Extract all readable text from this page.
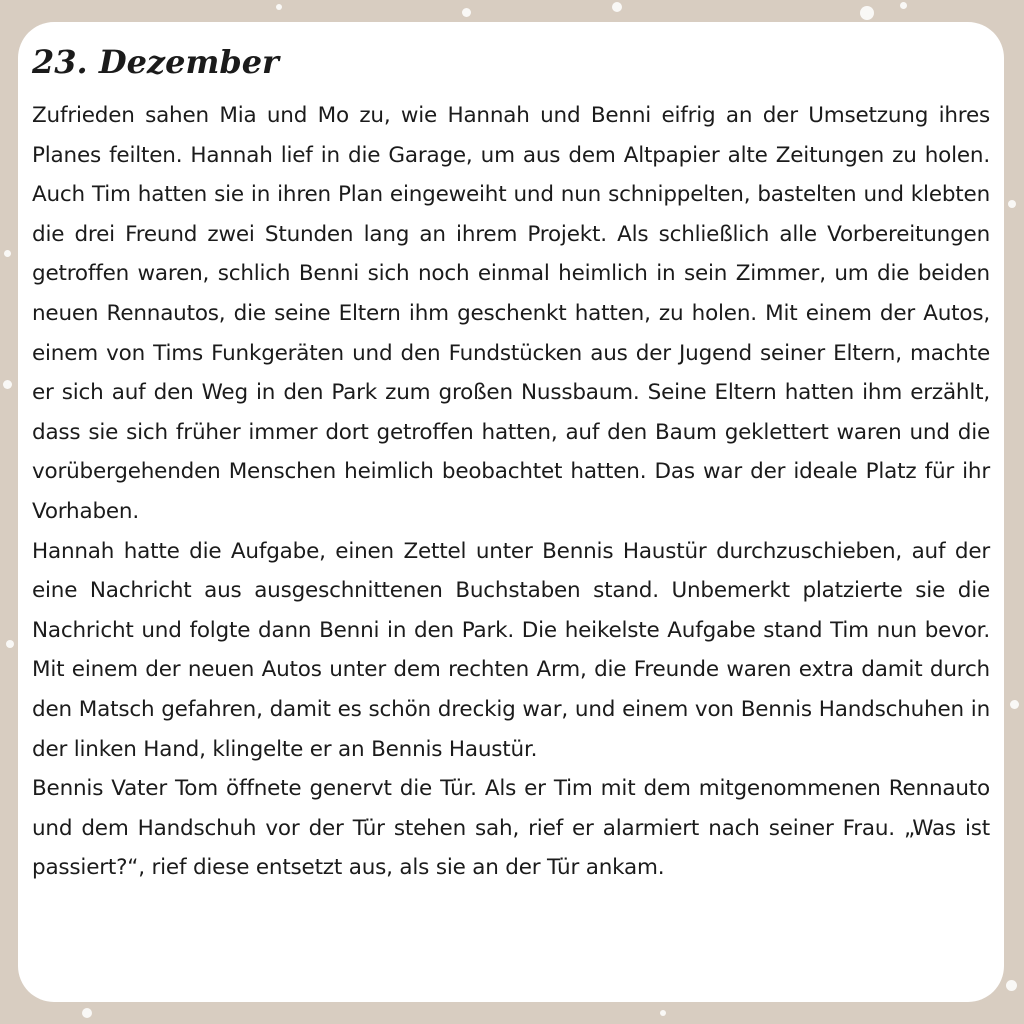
23. Dezember

Zufrieden sahen Mia und Mo zu, wie Hannah und Benni eifrig an der Umsetzung ihres Planes feilten. Hannah lief in die Garage, um aus dem Altpapier alte Zeitungen zu holen. Auch Tim hatten sie in ihren Plan eingeweiht und nun schnippelten, bastelten und klebten die drei Freund zwei Stunden lang an ihrem Projekt. Als schließlich alle Vorbereitungen getroffen waren, schlich Benni sich noch einmal heimlich in sein Zimmer, um die beiden neuen Rennautos, die seine Eltern ihm geschenkt hatten, zu holen. Mit einem der Autos, einem von Tims Funkgeräten und den Fundstücken aus der Jugend seiner Eltern, machte er sich auf den Weg in den Park zum großen Nussbaum. Seine Eltern hatten ihm erzählt, dass sie sich früher immer dort getroffen hatten, auf den Baum geklettert waren und die vorübergehenden Menschen heimlich beobachtet hatten. Das war der ideale Platz für ihr Vorhaben.

Hannah hatte die Aufgabe, einen Zettel unter Bennis Haustür durchzuschieben, auf der eine Nachricht aus ausgeschnittenen Buchstaben stand. Unbemerkt platzierte sie die Nachricht und folgte dann Benni in den Park. Die heikelste Aufgabe stand Tim nun bevor. Mit einem der neuen Autos unter dem rechten Arm, die Freunde waren extra damit durch den Matsch gefahren, damit es schön dreckig war, und einem von Bennis Handschuhen in der linken Hand, klingelte er an Bennis Haustür.

Bennis Vater Tom öffnete genervt die Tür. Als er Tim mit dem mitgenommenen Rennauto und dem Handschuh vor der Tür stehen sah, rief er alarmiert nach seiner Frau. „Was ist passiert?“, rief diese entsetzt aus, als sie an der Tür ankam.
